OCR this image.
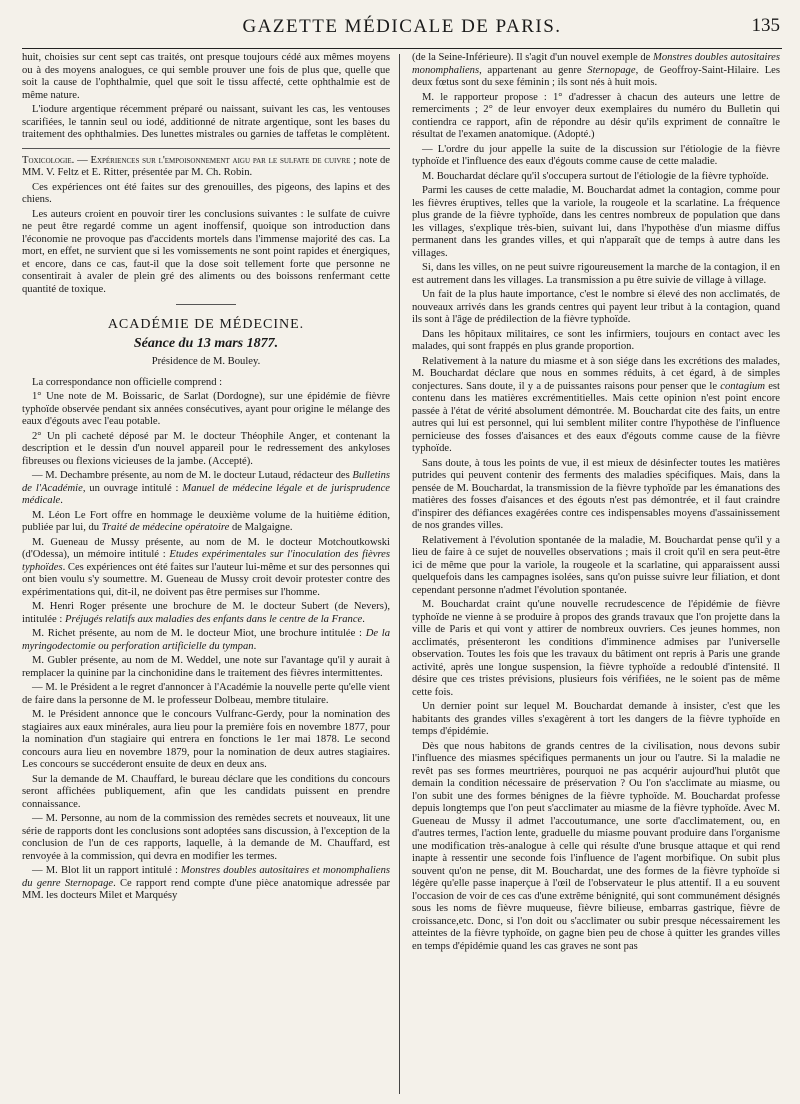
GAZETTE MÉDICALE DE PARIS.	135

huit, choisies sur cent sept cas traités, ont presque toujours cédé aux mêmes moyens ou à des moyens analogues, ce qui semble prouver une fois de plus que, quelle que soit la cause de l'ophthalmie, quel que soit le tissu affecté, cette ophthalmie est de même nature.

L'iodure argentique récemment préparé ou naissant, suivant les cas, les ventouses scarifiées, le tannin seul ou iodé, additionné de nitrate argentique, sont les bases du traitement des ophthalmies. Des lunettes mistrales ou garnies de taffetas le complètent.

Toxicologie. — Expériences sur l'empoisonnement aigu par le sulfate de cuivre ; note de MM. V. Feltz et E. Ritter, présentée par M. Ch. Robin.

Ces expériences ont été faites sur des grenouilles, des pigeons, des lapins et des chiens.

Les auteurs croient en pouvoir tirer les conclusions suivantes : le sulfate de cuivre ne peut être regardé comme un agent inoffensif, quoique son introduction dans l'économie ne provoque pas d'accidents mortels dans l'immense majorité des cas. La mort, en effet, ne survient que si les vomissements ne sont point rapides et énergiques, et encore, dans ce cas, faut-il que la dose soit tellement forte que personne ne consentirait à avaler de plein gré des aliments ou des boissons renfermant cette quantité de toxique.

ACADÉMIE DE MÉDECINE.
Séance du 13 mars 1877.

Présidence de M. Bouley.

La correspondance non officielle comprend :

1° Une note de M. Boissaric, de Sarlat (Dordogne), sur une épidémie de fièvre typhoïde observée pendant six années consécutives, ayant pour origine le mélange des eaux d'égouts avec l'eau potable.

2° Un pli cacheté déposé par M. le docteur Théophile Anger, et contenant la description et le dessin d'un nouvel appareil pour le redressement des ankyloses fibreuses ou flexions vicieuses de la jambe. (Accepté).

— M. Dechambre présente, au nom de M. le docteur Lutaud, rédacteur des Bulletins de l'Académie, un ouvrage intitulé : Manuel de médecine légale et de jurisprudence médicale.

M. Léon Le Fort offre en hommage le deuxième volume de la huitième édition, publiée par lui, du Traité de médecine opératoire de Malgaigne.

M. Gueneau de Mussy présente, au nom de M. le docteur Motchoutkowski (d'Odessa), un mémoire intitulé : Etudes expérimentales sur l'inoculation des fièvres typhoïdes. Ces expériences ont été faites sur l'auteur lui-même et sur des personnes qui ont bien voulu s'y soumettre. M. Gueneau de Mussy croit devoir protester contre des expérimentations qui, dit-il, ne doivent pas être permises sur l'homme.

M. Henri Roger présente une brochure de M. le docteur Subert (de Nevers), intitulée : Préjugés relatifs aux maladies des enfants dans le centre de la France.

M. Richet présente, au nom de M. le docteur Miot, une brochure intitulée : De la myringodectomie ou perforation artificielle du tympan.

M. Gubler présente, au nom de M. Weddel, une note sur l'avantage qu'il y aurait à remplacer la quinine par la cinchonidine dans le traitement des fièvres intermittentes.

— M. le Président a le regret d'annoncer à l'Académie la nouvelle perte qu'elle vient de faire dans la personne de M. le professeur Dolbeau, membre titulaire.

M. le Président annonce que le concours Vulfranc-Gerdy, pour la nomination des stagiaires aux eaux minérales, aura lieu pour la première fois en novembre 1877, pour la nomination d'un stagiaire qui entrera en fonctions le 1er mai 1878. Le second concours aura lieu en novembre 1879, pour la nomination de deux autres stagiaires. Les concours se succéderont ensuite de deux en deux ans.

Sur la demande de M. Chauffard, le bureau déclare que les conditions du concours seront affichées publiquement, afin que les candidats puissent en prendre connaissance.

— M. Personne, au nom de la commission des remèdes secrets et nouveaux, lit une série de rapports dont les conclusions sont adoptées sans discussion, à l'exception de la conclusion de l'un de ces rapports, laquelle, à la demande de M. Chauffard, est renvoyée à la commission, qui devra en modifier les termes.

— M. Blot lit un rapport intitulé : Monstres doubles autositaires et monomphaliens du genre Sternopage. Ce rapport rend compte d'une pièce anatomique adressée par MM. les docteurs Milet et Marquésy

(de la Seine-Inférieure). Il s'agit d'un nouvel exemple de Monstres doubles autositaires monomphaliens, appartenant au genre Sternopage, de Geoffroy-Saint-Hilaire. Les deux fœtus sont du sexe féminin ; ils sont nés à huit mois.

M. le rapporteur propose : 1° d'adresser à chacun des auteurs une lettre de remerciments ; 2° de leur envoyer deux exemplaires du numéro du Bulletin qui contiendra ce rapport, afin de répondre au désir qu'ils expriment de connaître le résultat de l'examen anatomique. (Adopté.)

— L'ordre du jour appelle la suite de la discussion sur l'étiologie de la fièvre typhoïde et l'influence des eaux d'égouts comme cause de cette maladie.

M. Bouchardat déclare qu'il s'occupera surtout de l'étiologie de la fièvre typhoïde.

Parmi les causes de cette maladie, M. Bouchardat admet la contagion, comme pour les fièvres éruptives, telles que la variole, la rougeole et la scarlatine. La fréquence plus grande de la fièvre typhoïde, dans les centres nombreux de population que dans les villages, s'explique très-bien, suivant lui, dans l'hypothèse d'un miasme diffus permanent dans les grandes villes, et qui n'apparaît que de temps à autre dans les villages.

Si, dans les villes, on ne peut suivre rigoureusement la marche de la contagion, il en est autrement dans les villages. La transmission a pu être suivie de village à village.

Un fait de la plus haute importance, c'est le nombre si élevé des non acclimatés, de nouveaux arrivés dans les grands centres qui payent leur tribut à la contagion, quand ils sont à l'âge de prédilection de la fièvre typhoïde.

Dans les hôpitaux militaires, ce sont les infirmiers, toujours en contact avec les malades, qui sont frappés en plus grande proportion.

Relativement à la nature du miasme et à son siége dans les excrétions des malades, M. Bouchardat déclare que nous en sommes réduits, à cet égard, à de simples conjectures. Sans doute, il y a de puissantes raisons pour penser que le contagium est contenu dans les matières excrémentitielles. Mais cette opinion n'est point encore passée à l'état de vérité absolument démontrée. M. Bouchardat cite des faits, un entre autres qui lui est personnel, qui lui semblent militer contre l'hypothèse de l'influence pernicieuse des fosses d'aisances et des eaux d'égouts comme cause de la fièvre typhoïde.

Sans doute, à tous les points de vue, il est mieux de désinfecter toutes les matières putrides qui peuvent contenir des ferments des maladies spécifiques. Mais, dans la pensée de M. Bouchardat, la transmission de la fièvre typhoïde par les émanations des matières des fosses d'aisances et des égouts n'est pas démontrée, et il faut craindre d'inspirer des défiances exagérées contre ces indispensables moyens d'assainissement de nos grandes villes.

Relativement à l'évolution spontanée de la maladie, M. Bouchardat pense qu'il y a lieu de faire à ce sujet de nouvelles observations ; mais il croit qu'il en sera peut-être ici de même que pour la variole, la rougeole et la scarlatine, qui apparaissent aussi quelquefois dans les campagnes isolées, sans qu'on puisse suivre leur filiation, et dont cependant personne n'admet l'évolution spontanée.

M. Bouchardat craint qu'une nouvelle recrudescence de l'épidémie de fièvre typhoïde ne vienne à se produire à propos des grands travaux que l'on projette dans la ville de Paris et qui vont y attirer de nombreux ouvriers. Ces jeunes hommes, non acclimatés, présenteront les conditions d'imminence admises par l'universelle observation. Toutes les fois que les travaux du bâtiment ont repris à Paris une grande activité, après une longue suspension, la fièvre typhoïde a redoublé d'intensité. Il désire que ces tristes prévisions, plusieurs fois vérifiées, ne le soient pas de même cette fois.

Un dernier point sur lequel M. Bouchardat demande à insister, c'est que les habitants des grandes villes s'exagèrent à tort les dangers de la fièvre typhoïde en temps d'épidémie.

Dès que nous habitons de grands centres de la civilisation, nous devons subir l'influence des miasmes spécifiques permanents un jour ou l'autre. Si la maladie ne revêt pas ses formes meurtrières, pourquoi ne pas acquérir aujourd'hui plutôt que demain la condition nécessaire de préservation ? Ou l'on s'acclimate au miasme, ou l'on subit une des formes bénignes de la fièvre typhoïde. M. Bouchardat professe depuis longtemps que l'on peut s'acclimater au miasme de la fièvre typhoïde. Avec M. Gueneau de Mussy il admet l'accoutumance, une sorte d'acclimatement, ou, en d'autres termes, l'action lente, graduelle du miasme pouvant produire dans l'organisme une modification très-analogue à celle qui résulte d'une brusque attaque et qui rend inapte à ressentir une seconde fois l'influence de l'agent morbifique. On subit plus souvent qu'on ne pense, dit M. Bouchardat, une des formes de la fièvre typhoïde si légère qu'elle passe inaperçue à l'œil de l'observateur le plus attentif. Il a eu souvent l'occasion de voir de ces cas d'une extrême bénignité, qui sont communément désignés sous les noms de fièvre muqueuse, fièvre bilieuse, embarras gastrique, fièvre de croissance,etc. Donc, si l'on doit ou s'acclimater ou subir presque nécessairement les atteintes de la fièvre typhoïde, on gagne bien peu de chose à quitter les grandes villes en temps d'épidémie quand les cas graves ne sont pas
